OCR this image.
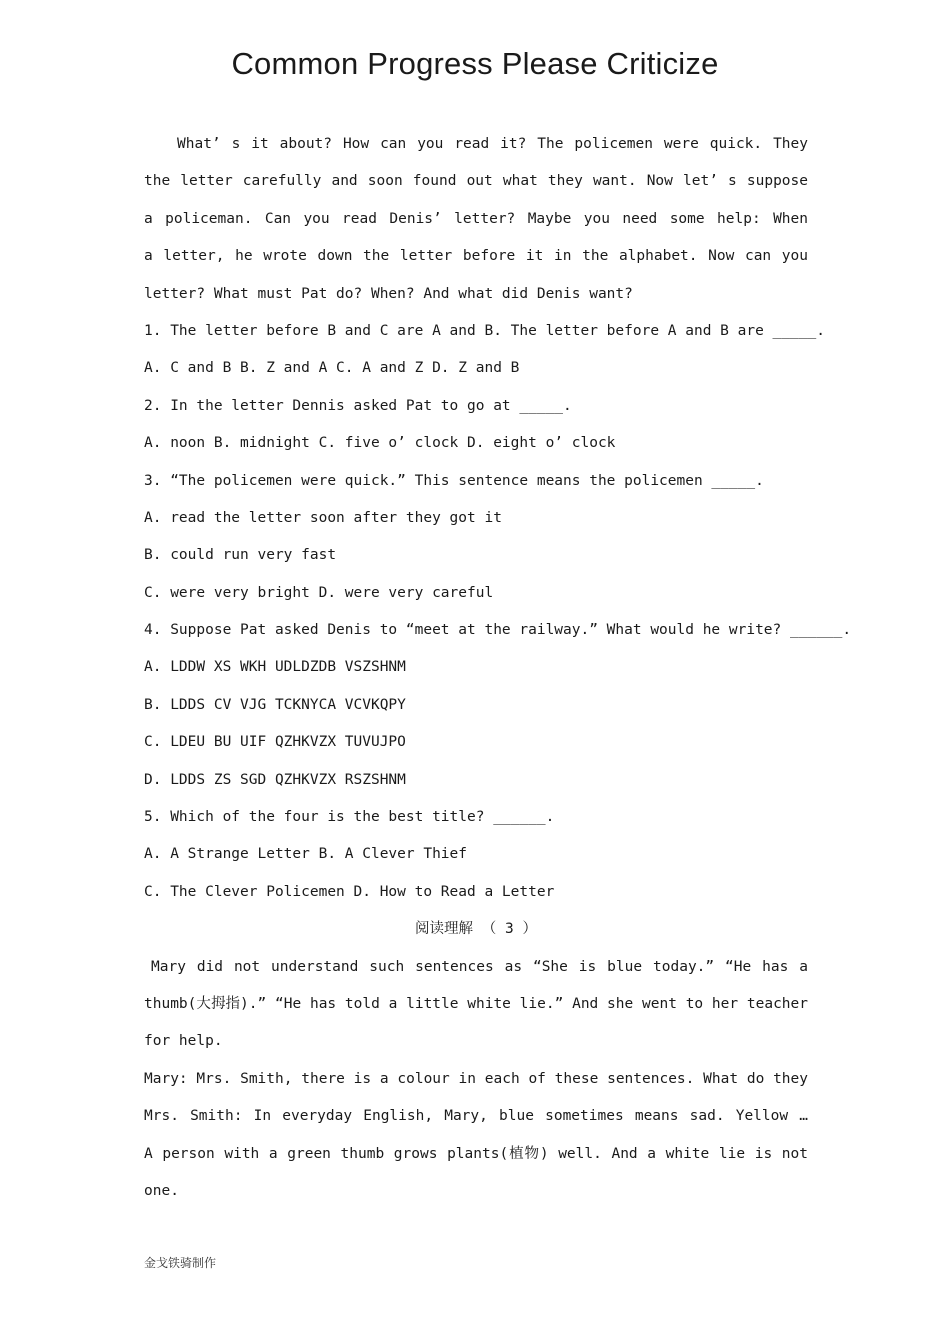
Common Progress Please Criticize
What’ s it about? How can you read it? The policemen were quick. They
the letter carefully and soon found out what they want. Now let’ s suppose
a policeman. Can you read Denis’ letter? Maybe you need some help: When
a letter, he wrote down the letter before it in the alphabet. Now can you
letter? What must Pat do? When? And what did Denis want?
1. The letter before B and C are A and B. The letter before A and B are _____.
A. C and B B. Z and A C. A and Z D. Z and B
2. In the letter Dennis asked Pat to go at _____.
A. noon B. midnight C. five o’ clock D. eight o’ clock
3. “The policemen were quick.” This sentence means the policemen _____.
A. read the letter soon after they got it
B. could run very fast
C. were very bright D. were very careful
4. Suppose Pat asked Denis to “meet at the railway.” What would he write? ______.
A. LDDW XS WKH UDLDZDB VSZSHNM
B. LDDS CV VJG TCKNYCA VCVKQPY
C. LDEU BU UIF QZHKVZX TUVUJPO
D. LDDS ZS SGD QZHKVZX RSZSHNM
5. Which of the four is the best title? ______.
A. A Strange Letter B. A Clever Thief
C. The Clever Policemen D. How to Read a Letter
阅读理解 （ 3 ）
Mary did not understand such sentences as “She is blue today.” “He has a
thumb(大拇指).” “He has told a little white lie.” And she went to her teacher
for help.
Mary: Mrs. Smith, there is a colour in each of these sentences. What do they
Mrs. Smith: In everyday English, Mary, blue sometimes means sad. Yellow …
A person with a green thumb grows plants(植物) well. And a white lie is not
one.
金戈铁骑制作
